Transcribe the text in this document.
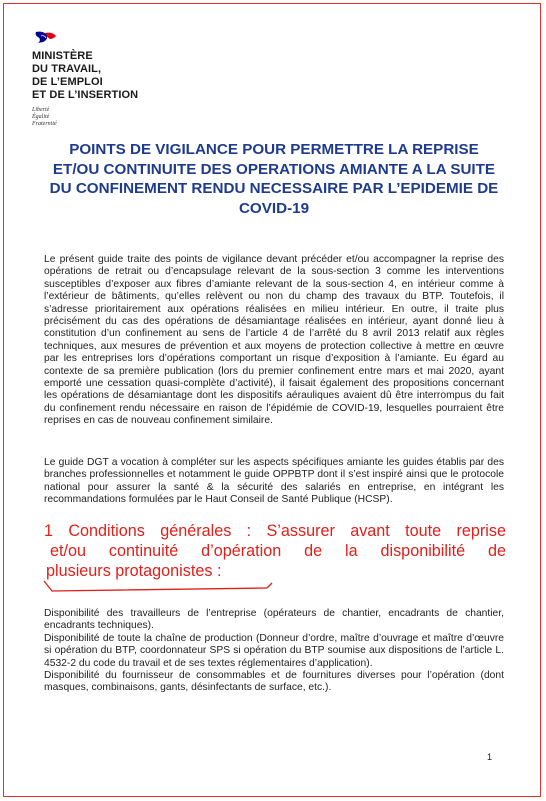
MINISTÈRE
DU TRAVAIL,
DE L’EMPLOI
ET DE L’INSERTION
Liberté
Égalité
Fraternité
POINTS DE VIGILANCE POUR PERMETTRE LA REPRISE ET/OU CONTINUITE DES OPERATIONS AMIANTE A LA SUITE DU CONFINEMENT RENDU NECESSAIRE PAR L’EPIDEMIE DE COVID-19
Le présent guide traite des points de vigilance devant précéder et/ou accompagner la reprise des opérations de retrait ou d’encapsulage relevant de la sous-section 3 comme les interventions susceptibles d’exposer aux fibres d’amiante relevant de la sous-section 4, en intérieur comme à l’extérieur de bâtiments, qu’elles relèvent ou non du champ des travaux du BTP. Toutefois, il s’adresse prioritairement aux opérations réalisées en milieu intérieur. En outre, il traite plus précisément du cas des opérations de désamiantage réalisées en intérieur, ayant donné lieu à constitution d’un confinement au sens de l’article 4 de l’arrêté du 8 avril 2013 relatif aux règles techniques, aux mesures de prévention et aux moyens de protection collective à mettre en œuvre par les entreprises lors d’opérations comportant un risque d’exposition à l’amiante. Eu égard au contexte de sa première publication (lors du premier confinement entre mars et mai 2020, ayant emporté une cessation quasi-complète d’activité), il faisait également des propositions concernant les opérations de désamiantage dont les dispositifs aérauliques avaient dû être interrompus du fait du confinement rendu nécessaire en raison de l’épidémie de COVID-19, lesquelles pourraient être reprises en cas de nouveau confinement similaire.
Le guide DGT a vocation à compléter sur les aspects spécifiques amiante les guides établis par des branches professionnelles et notamment le guide OPPBTP dont il s’est inspiré ainsi que le protocole national pour assurer la santé & la sécurité des salariés en entreprise, en intégrant les recommandations formulées par le Haut Conseil de Santé Publique (HCSP).
1 Conditions générales : S’assurer avant toute reprise
et/ou continuité d’opération de la disponibilité de
plusieurs protagonistes :

Disponibilité des travailleurs de l’entreprise (opérateurs de chantier, encadrants de chantier, encadrants techniques).

Disponibilité de toute la chaîne de production (Donneur d’ordre, maître d’ouvrage et maître d’œuvre si opération du BTP, coordonnateur SPS si opération du BTP soumise aux dispositions de l’article L. 4532-2 du code du travail et de ses textes réglementaires d’application).

Disponibilité du fournisseur de consommables et de fournitures diverses pour l’opération (dont masques, combinaisons, gants, désinfectants de surface, etc.).

1
